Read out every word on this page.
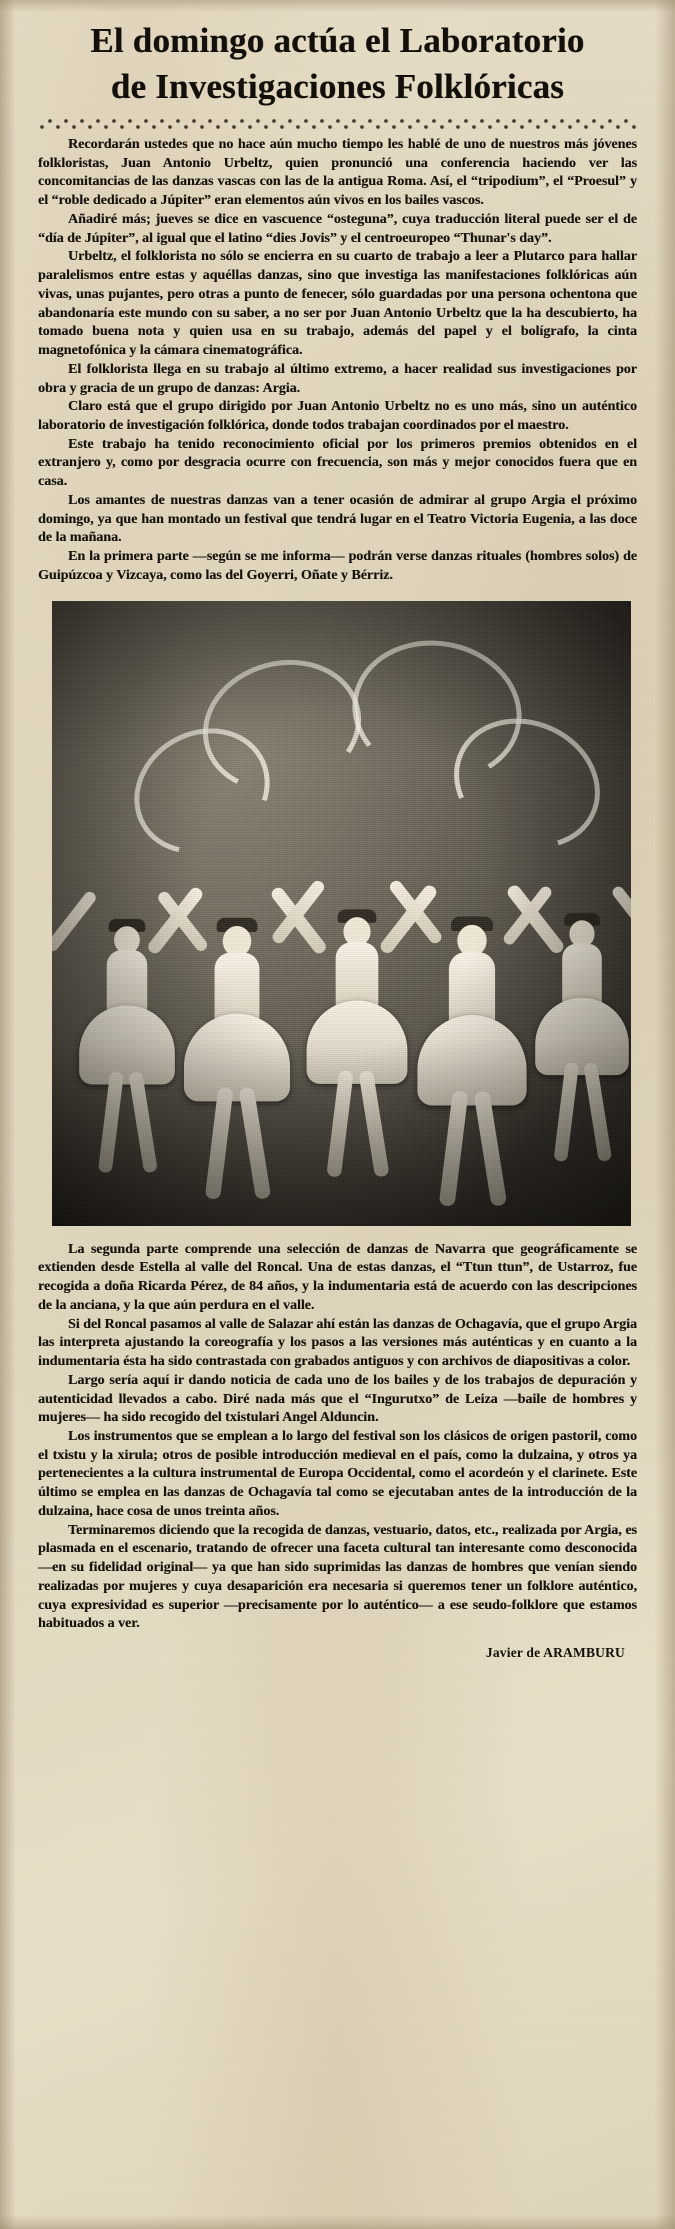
El domingo actúa el Laboratorio
de Investigaciones Folklóricas

Recordarán ustedes que no hace aún mucho tiempo les hablé de uno de nuestros más jóvenes folkloristas, Juan Antonio Urbeltz, quien pronunció una conferencia haciendo ver las concomitancias de las danzas vascas con las de la antigua Roma. Así, el “tripodium”, el “Proesul” y el “roble dedicado a Júpiter” eran elementos aún vivos en los bailes vascos.

Añadiré más; jueves se dice en vascuence “osteguna”, cuya traducción literal puede ser el de “día de Júpiter”, al igual que el latino “dies Jovis” y el centroeuropeo “Thunar's day”.

Urbeltz, el folklorista no sólo se encierra en su cuarto de trabajo a leer a Plutarco para hallar paralelismos entre estas y aquéllas danzas, sino que investiga las manifestaciones folklóricas aún vivas, unas pujantes, pero otras a punto de fenecer, sólo guardadas por una persona ochentona que abandonaría este mundo con su saber, a no ser por Juan Antonio Urbeltz que la ha descubierto, ha tomado buena nota y quien usa en su trabajo, además del papel y el bolígrafo, la cinta magnetofónica y la cámara cinematográfica.

El folklorista llega en su trabajo al último extremo, a hacer realidad sus investigaciones por obra y gracia de un grupo de danzas: Argia.

Claro está que el grupo dirigido por Juan Antonio Urbeltz no es uno más, sino un auténtico laboratorio de investigación folklórica, donde todos trabajan coordinados por el maestro.

Este trabajo ha tenido reconocimiento oficial por los primeros premios obtenidos en el extranjero y, como por desgracia ocurre con frecuencia, son más y mejor conocidos fuera que en casa.

Los amantes de nuestras danzas van a tener ocasión de admirar al grupo Argia el próximo domingo, ya que han montado un festival que tendrá lugar en el Teatro Victoria Eugenia, a las doce de la mañana.

En la primera parte —según se me informa— podrán verse danzas rituales (hombres solos) de Guipúzcoa y Vizcaya, como las del Goyerri, Oñate y Bérriz.

La segunda parte comprende una selección de danzas de Navarra que geográficamente se extienden desde Estella al valle del Roncal. Una de estas danzas, el “Ttun ttun”, de Ustarroz, fue recogida a doña Ricarda Pérez, de 84 años, y la indumentaria está de acuerdo con las descripciones de la anciana, y la que aún perdura en el valle.

Si del Roncal pasamos al valle de Salazar ahí están las danzas de Ochagavía, que el grupo Argia las interpreta ajustando la coreografía y los pasos a las versiones más auténticas y en cuanto a la indumentaria ésta ha sido contrastada con grabados antiguos y con archivos de diapositivas a color.

Largo sería aquí ir dando noticia de cada uno de los bailes y de los trabajos de depuración y autenticidad llevados a cabo. Diré nada más que el “Ingurutxo” de Leiza —baile de hombres y mujeres— ha sido recogido del txistulari Angel Alduncin.

Los instrumentos que se emplean a lo largo del festival son los clásicos de origen pastoril, como el txistu y la xirula; otros de posible introducción medieval en el país, como la dulzaina, y otros ya pertenecientes a la cultura instrumental de Europa Occidental, como el acordeón y el clarinete. Este último se emplea en las danzas de Ochagavía tal como se ejecutaban antes de la introducción de la dulzaina, hace cosa de unos treinta años.

Terminaremos diciendo que la recogida de danzas, vestuario, datos, etc., realizada por Argia, es plasmada en el escenario, tratando de ofrecer una faceta cultural tan interesante como desconocida —en su fidelidad original— ya que han sido suprimidas las danzas de hombres que venían siendo realizadas por mujeres y cuya desaparición era necesaria si queremos tener un folklore auténtico, cuya expresividad es superior —precisamente por lo auténtico— a ese seudo-folklore que estamos habituados a ver.

Javier de ARAMBURU
